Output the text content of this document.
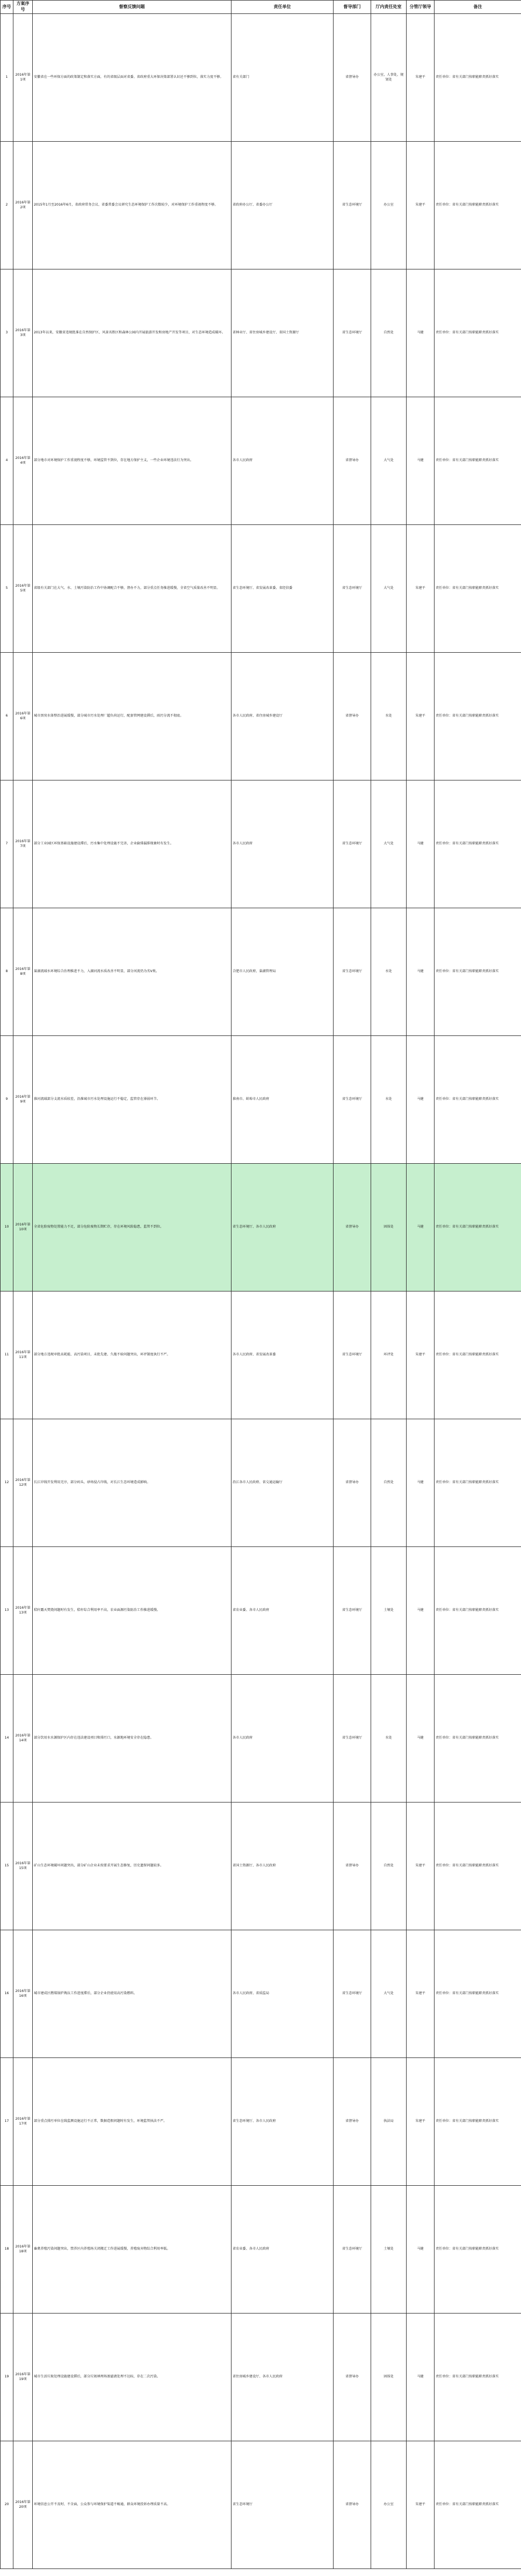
序号	方案序号	督察反馈问题	责任单位	督导部门	厅内责任处室	分管厅领导	备注
1	2016年第1项	安徽省在一些环保方面的政策制定和落实方面，有的省级层面对省委、省政府重大环保决策部署认识还不够到位，落实力度不够。	省有关部门	省督导办	办公室，人事处，规划处	朱建平	责任单位：省有关部门按职能职责抓好落实
2	2016年第2项	2015年1月至2016年6月，省政府常务会议、省委常委会议研究生态环境保护工作次数较少，对环境保护工作重视程度不够。	省政府办公厅、省委办公厅	省生态环境厅	办公室	朱建平	责任单位：省有关部门按职能职责抓好落实
3	2016年第3项	2013年以来，安徽省违规批准在自然保护区、风景名胜区和森林公园内开展旅游开发和房地产开发等项目，对生态环境造成破坏。	省林业厅、省住房城乡建设厅、省国土资源厅	省生态环境厅	自然处	马健	责任单位：省有关部门按职能职责抓好落实
4	2016年第4项	部分地市对环境保护工作重视程度不够，环境监管不到位，存在地方保护主义，一些企业环境违法行为突出。	各市人民政府	省督导办	大气处	马健	责任单位：省有关部门按职能职责抓好落实
5	2016年第5项	省级有关部门在大气、水、土壤污染防治工作中协调配合不够，督办不力，部分重点任务推进缓慢，全省空气质量改善不明显。	省生态环境厅、省发展改革委、省经信委	省生态环境厅	大气处	朱建平	责任单位：省有关部门按职能职责抓好落实
6	2016年第6项	城市黑臭水体整治进展缓慢，部分城市污水处理厂超负荷运行，配套管网建设滞后，雨污分流不彻底。	各市人民政府、省住房城乡建设厅	省督导办	水处	朱建平	责任单位：省有关部门按职能职责抓好落实
7	2016年第7项	部分工业园区环保基础设施建设滞后，污水集中处理设施不完善，企业偷排漏排现象时有发生。	各市人民政府	省生态环境厅	大气处	马健	责任单位：省有关部门按职能职责抓好落实
8	2016年第8项	巢湖流域水环境综合治理推进不力，入湖河流水质改善不明显，部分河流仍为劣V类。	合肥市人民政府、巢湖管理局	省生态环境厅	水处	马健	责任单位：省有关部门按职能职责抓好落实
9	2016年第9项	淮河流域部分支流水质较差，沿淮城市污水处理设施运行不稳定，监管存在薄弱环节。	淮南市、蚌埠市人民政府	省生态环境厅	水处	马健	责任单位：省有关部门按职能职责抓好落实
10	2016年第10项	全省危险废物处置能力不足，部分危险废物长期贮存，存在环境风险隐患，监管不到位。	省生态环境厅、各市人民政府	省督导办	固体处	马健	责任单位：省有关部门按职能职责抓好落实
11	2016年第11项	部分地方违规审批高耗能、高污染项目，未批先建、久拖不验问题突出，环评制度执行不严。	各市人民政府、省发展改革委	省生态环境厅	环评处	朱建平	责任单位：省有关部门按职能职责抓好落实
12	2016年第12项	长江岸线开发利用无序，部分码头、砂场侵占岸线，对长江生态环境造成影响。	沿江各市人民政府、省交通运输厅	省督导办	自然处	马健	责任单位：省有关部门按职能职责抓好落实
13	2016年第13项	秸秆露天焚烧问题时有发生，秸秆综合利用率不高，农业面源污染防治工作推进缓慢。	省农业委、各市人民政府	省生态环境厅	土壤处	马健	责任单位：省有关部门按职能职责抓好落实
14	2016年第14项	部分饮用水水源保护区内存在违法建设项目和排污口，水源地环境安全存在隐患。	各市人民政府	省生态环境厅	水处	马健	责任单位：省有关部门按职能职责抓好落实
15	2016年第15项	矿山生态环境破坏问题突出，部分矿山企业未按要求开展生态修复，历史遗留问题较多。	省国土资源厅、各市人民政府	省督导办	自然处	朱建平	责任单位：省有关部门按职能职责抓好落实
16	2016年第16项	城市建成区燃煤锅炉淘汰工作进度滞后，部分企业仍使用高污染燃料。	各市人民政府、省质监局	省生态环境厅	大气处	朱建平	责任单位：省有关部门按职能职责抓好落实
17	2016年第17项	部分重点排污单位在线监测设施运行不正常，数据造假问题时有发生，环境监管执法不严。	省生态环境厅、各市人民政府	省督导办	执法局	朱建平	责任单位：省有关部门按职能职责抓好落实
18	2016年第18项	畜禽养殖污染问题突出，禁养区内养殖场关闭搬迁工作进展缓慢，养殖废弃物综合利用率低。	省农业委、各市人民政府	省生态环境厅	土壤处	马健	责任单位：省有关部门按职能职责抓好落实
19	2016年第19项	城市生活垃圾处理设施建设滞后，部分垃圾填埋场渗滤液处理不达标，存在二次污染。	省住房城乡建设厅、各市人民政府	省督导办	固体处	马健	责任单位：省有关部门按职能职责抓好落实
20	2016年第20项	环境信息公开不及时、不全面，公众参与环境保护渠道不畅通，群众环境投诉办理质量不高。	省生态环境厅	省督导办	办公室	朱建平	责任单位：省有关部门按职能职责抓好落实
